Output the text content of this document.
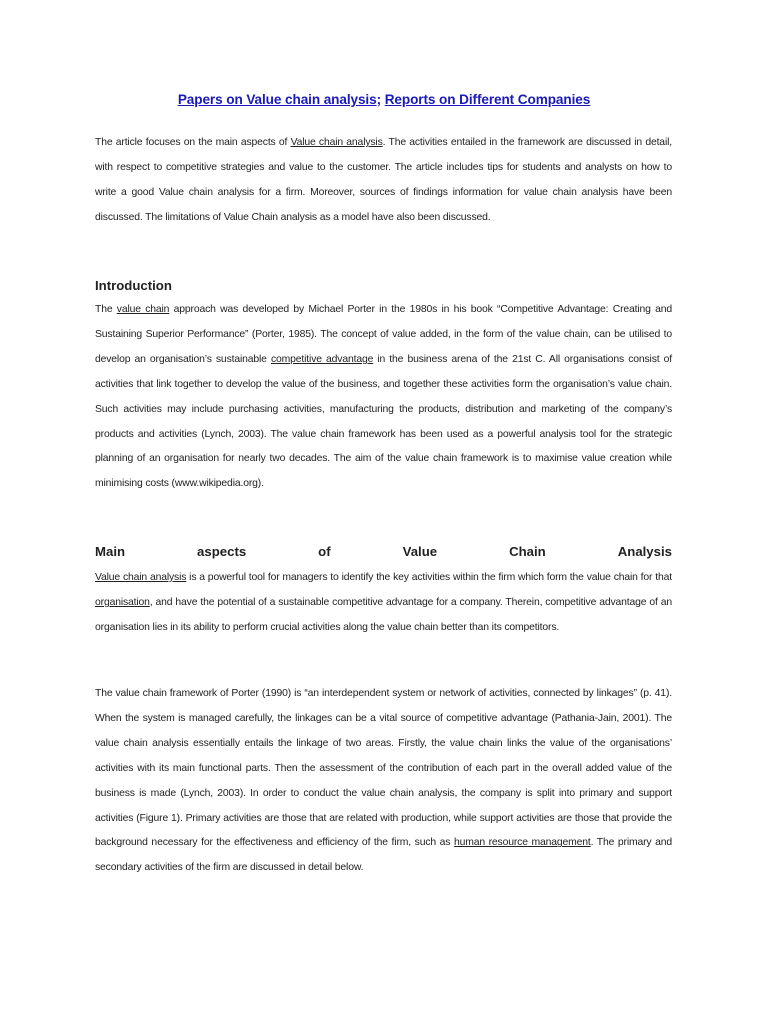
Papers on Value chain analysis; Reports on Different Companies
The article focuses on the main aspects of Value chain analysis. The activities entailed in the framework are discussed in detail, with respect to competitive strategies and value to the customer. The article includes tips for students and analysts on how to write a good Value chain analysis for a firm. Moreover, sources of findings information for value chain analysis have been discussed. The limitations of Value Chain analysis as a model have also been discussed.
Introduction
The value chain approach was developed by Michael Porter in the 1980s in his book “Competitive Advantage: Creating and Sustaining Superior Performance” (Porter, 1985). The concept of value added, in the form of the value chain, can be utilised to develop an organisation’s sustainable competitive advantage in the business arena of the 21st C. All organisations consist of activities that link together to develop the value of the business, and together these activities form the organisation’s value chain. Such activities may include purchasing activities, manufacturing the products, distribution and marketing of the company’s products and activities (Lynch, 2003). The value chain framework has been used as a powerful analysis tool for the strategic planning of an organisation for nearly two decades. The aim of the value chain framework is to maximise value creation while minimising costs (www.wikipedia.org).
Main	aspects	of	Value	Chain	Analysis
Value chain analysis is a powerful tool for managers to identify the key activities within the firm which form the value chain for that organisation, and have the potential of a sustainable competitive advantage for a company. Therein, competitive advantage of an organisation lies in its ability to perform crucial activities along the value chain better than its competitors.
The value chain framework of Porter (1990) is “an interdependent system or network of activities, connected by linkages” (p. 41). When the system is managed carefully, the linkages can be a vital source of competitive advantage (Pathania-Jain, 2001). The value chain analysis essentially entails the linkage of two areas. Firstly, the value chain links the value of the organisations’ activities with its main functional parts. Then the assessment of the contribution of each part in the overall added value of the business is made (Lynch, 2003). In order to conduct the value chain analysis, the company is split into primary and support activities (Figure 1). Primary activities are those that are related with production, while support activities are those that provide the background necessary for the effectiveness and efficiency of the firm, such as human resource management. The primary and secondary activities of the firm are discussed in detail below.
